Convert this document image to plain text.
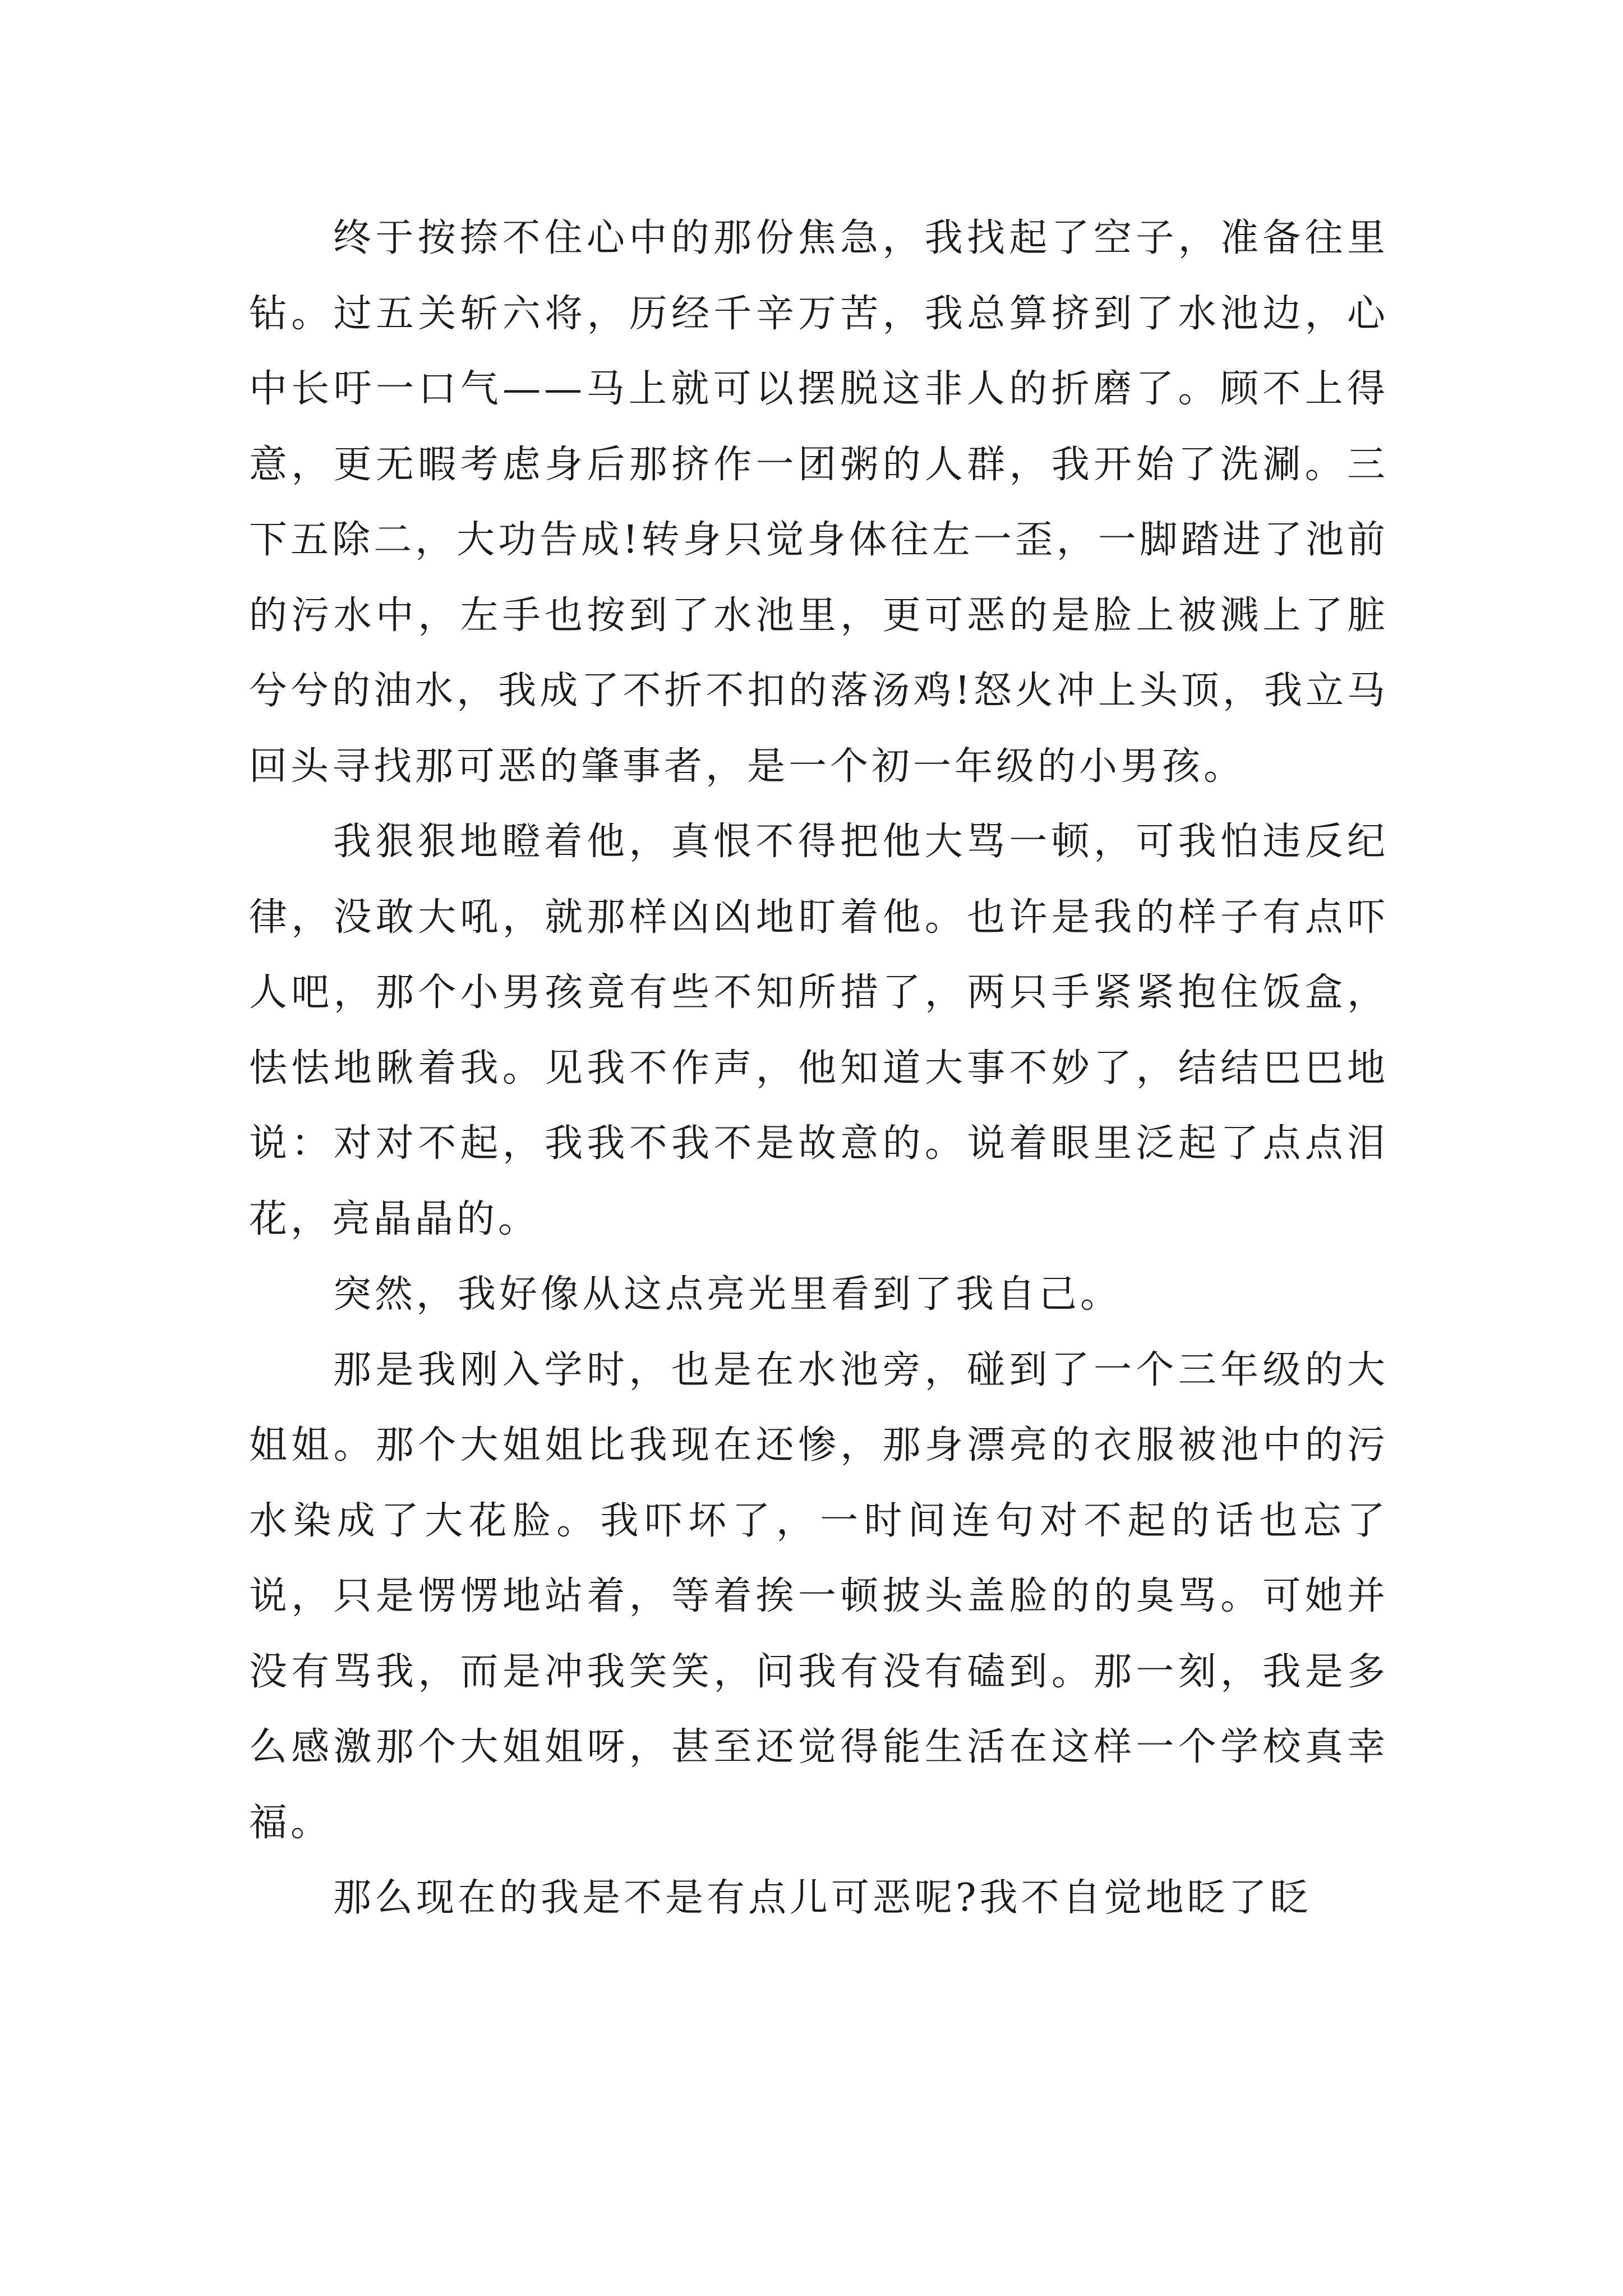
终于按捺不住心中的那份焦急，我找起了空子，准备往里钻。过五关斩六将，历经千辛万苦，我总算挤到了水池边，心中长吁一口气——马上就可以摆脱这非人的折磨了。顾不上得意，更无暇考虑身后那挤作一团粥的人群，我开始了洗涮。三下五除二，大功告成!转身只觉身体往左一歪，一脚踏进了池前的污水中，左手也按到了水池里，更可恶的是脸上被溅上了脏兮兮的油水，我成了不折不扣的落汤鸡!怒火冲上头顶，我立马回头寻找那可恶的肇事者，是一个初一年级的小男孩。

我狠狠地瞪着他，真恨不得把他大骂一顿，可我怕违反纪律，没敢大吼，就那样凶凶地盯着他。也许是我的样子有点吓人吧，那个小男孩竟有些不知所措了，两只手紧紧抱住饭盒，怯怯地瞅着我。见我不作声，他知道大事不妙了，结结巴巴地说：对对不起，我我不我不是故意的。说着眼里泛起了点点泪花，亮晶晶的。

突然，我好像从这点亮光里看到了我自己。

那是我刚入学时，也是在水池旁，碰到了一个三年级的大姐姐。那个大姐姐比我现在还惨，那身漂亮的衣服被池中的污水染成了大花脸。我吓坏了，一时间连句对不起的话也忘了说，只是愣愣地站着，等着挨一顿披头盖脸的的臭骂。可她并没有骂我，而是冲我笑笑，问我有没有磕到。那一刻，我是多么感激那个大姐姐呀，甚至还觉得能生活在这样一个学校真幸福。

那么现在的我是不是有点儿可恶呢?我不自觉地眨了眨
